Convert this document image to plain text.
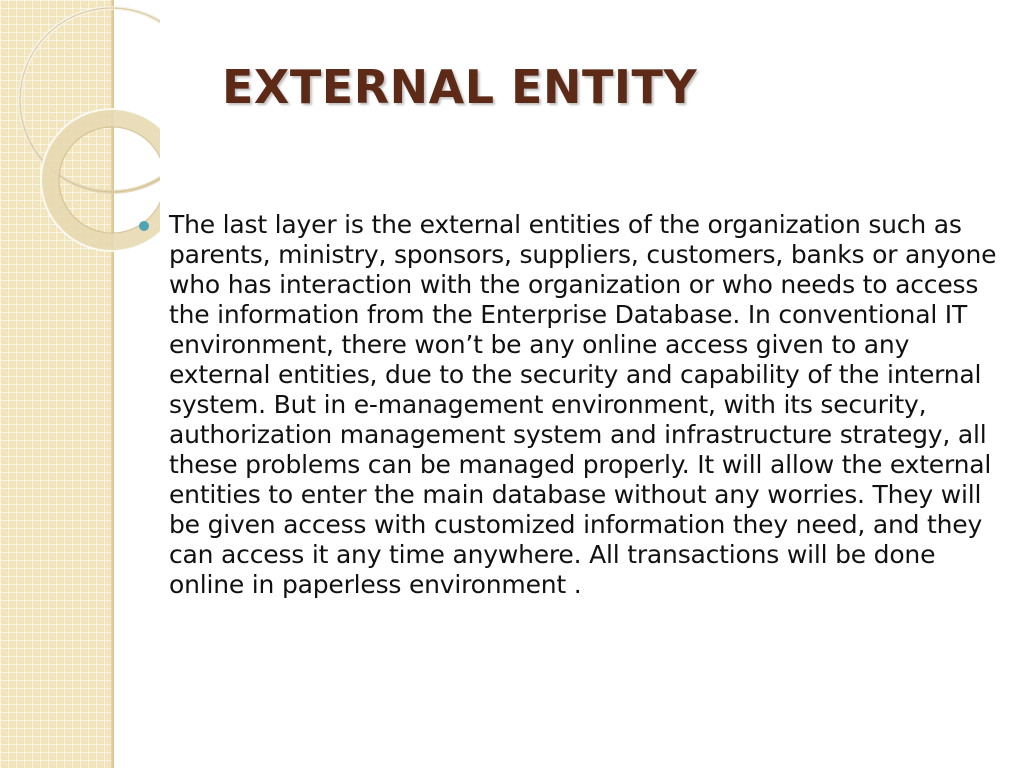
EXTERNAL ENTITY

The last layer is the external entities of the organization such as parents, ministry, sponsors, suppliers, customers, banks or anyone who has interaction with the organization or who needs to access the information from the Enterprise Database. In conventional IT environment, there won’t be any online access given to any external entities, due to the security and capability of the internal system. But in e-management environment, with its security, authorization management system and infrastructure strategy, all these problems can be managed properly. It will allow the external entities to enter the main database without any worries. They will be given access with customized information they need, and they can access it any time anywhere. All transactions will be done online in paperless environment .
